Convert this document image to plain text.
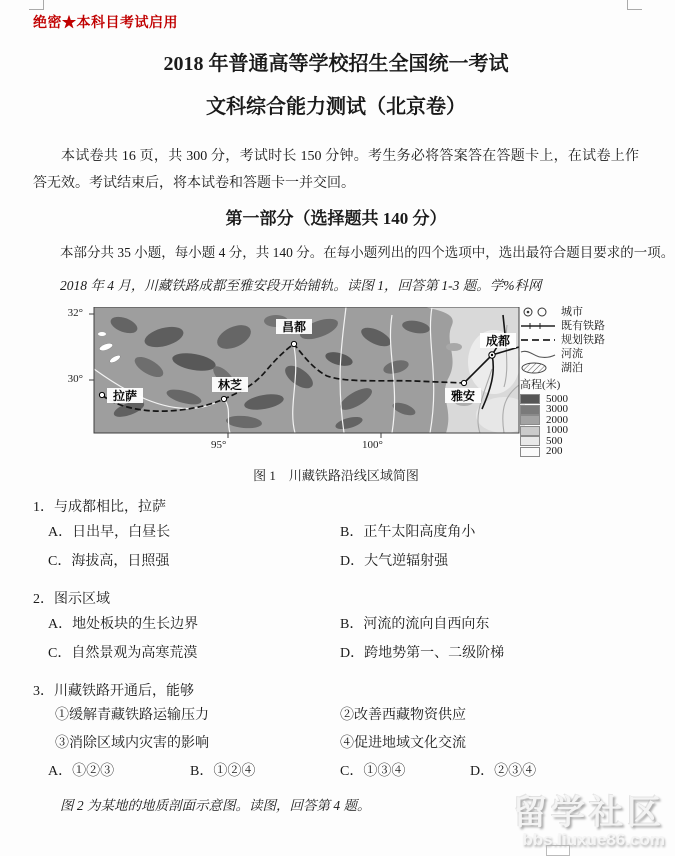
绝密★本科目考试启用
2018 年普通高等学校招生全国统一考试
文科综合能力测试（北京卷）
本试卷共 16 页，共 300 分，考试时长 150 分钟。考生务必将答案答在答题卡上，在试卷上作答无效。考试结束后，将本试卷和答题卡一并交回。
第一部分（选择题共 140 分）
本部分共 35 小题，每小题 4 分，共 140 分。在每小题列出的四个选项中，选出最符合题目要求的一项。
2018 年 4 月，川藏铁路成都至雅安段开始铺轨。读图 1，回答第 1-3 题。学%科网
32°
30°
95°	100°
拉萨
林芝
昌都
雅安
成都
城市
既有铁路
规划铁路
河流
湖泊
高程(米)
5000
3000
2000
1000
500
200
图 1　川藏铁路沿线区域简图
1．与成都相比，拉萨
A．日出早，白昼长	B．正午太阳高度角小
C．海拔高，日照强	D．大气逆辐射强
2．图示区域
A．地处板块的生长边界	B．河流的流向自西向东
C．自然景观为高寒荒漠	D．跨地势第一、二级阶梯
3．川藏铁路开通后，能够
①缓解青藏铁路运输压力	②改善西藏物资供应
③消除区域内灾害的影响	④促进地域文化交流
A．①②③	B．①②④	C．①③④	D．②③④
图 2 为某地的地质剖面示意图。读图，回答第 4 题。	留学社区
bbs.liuxue86.com
